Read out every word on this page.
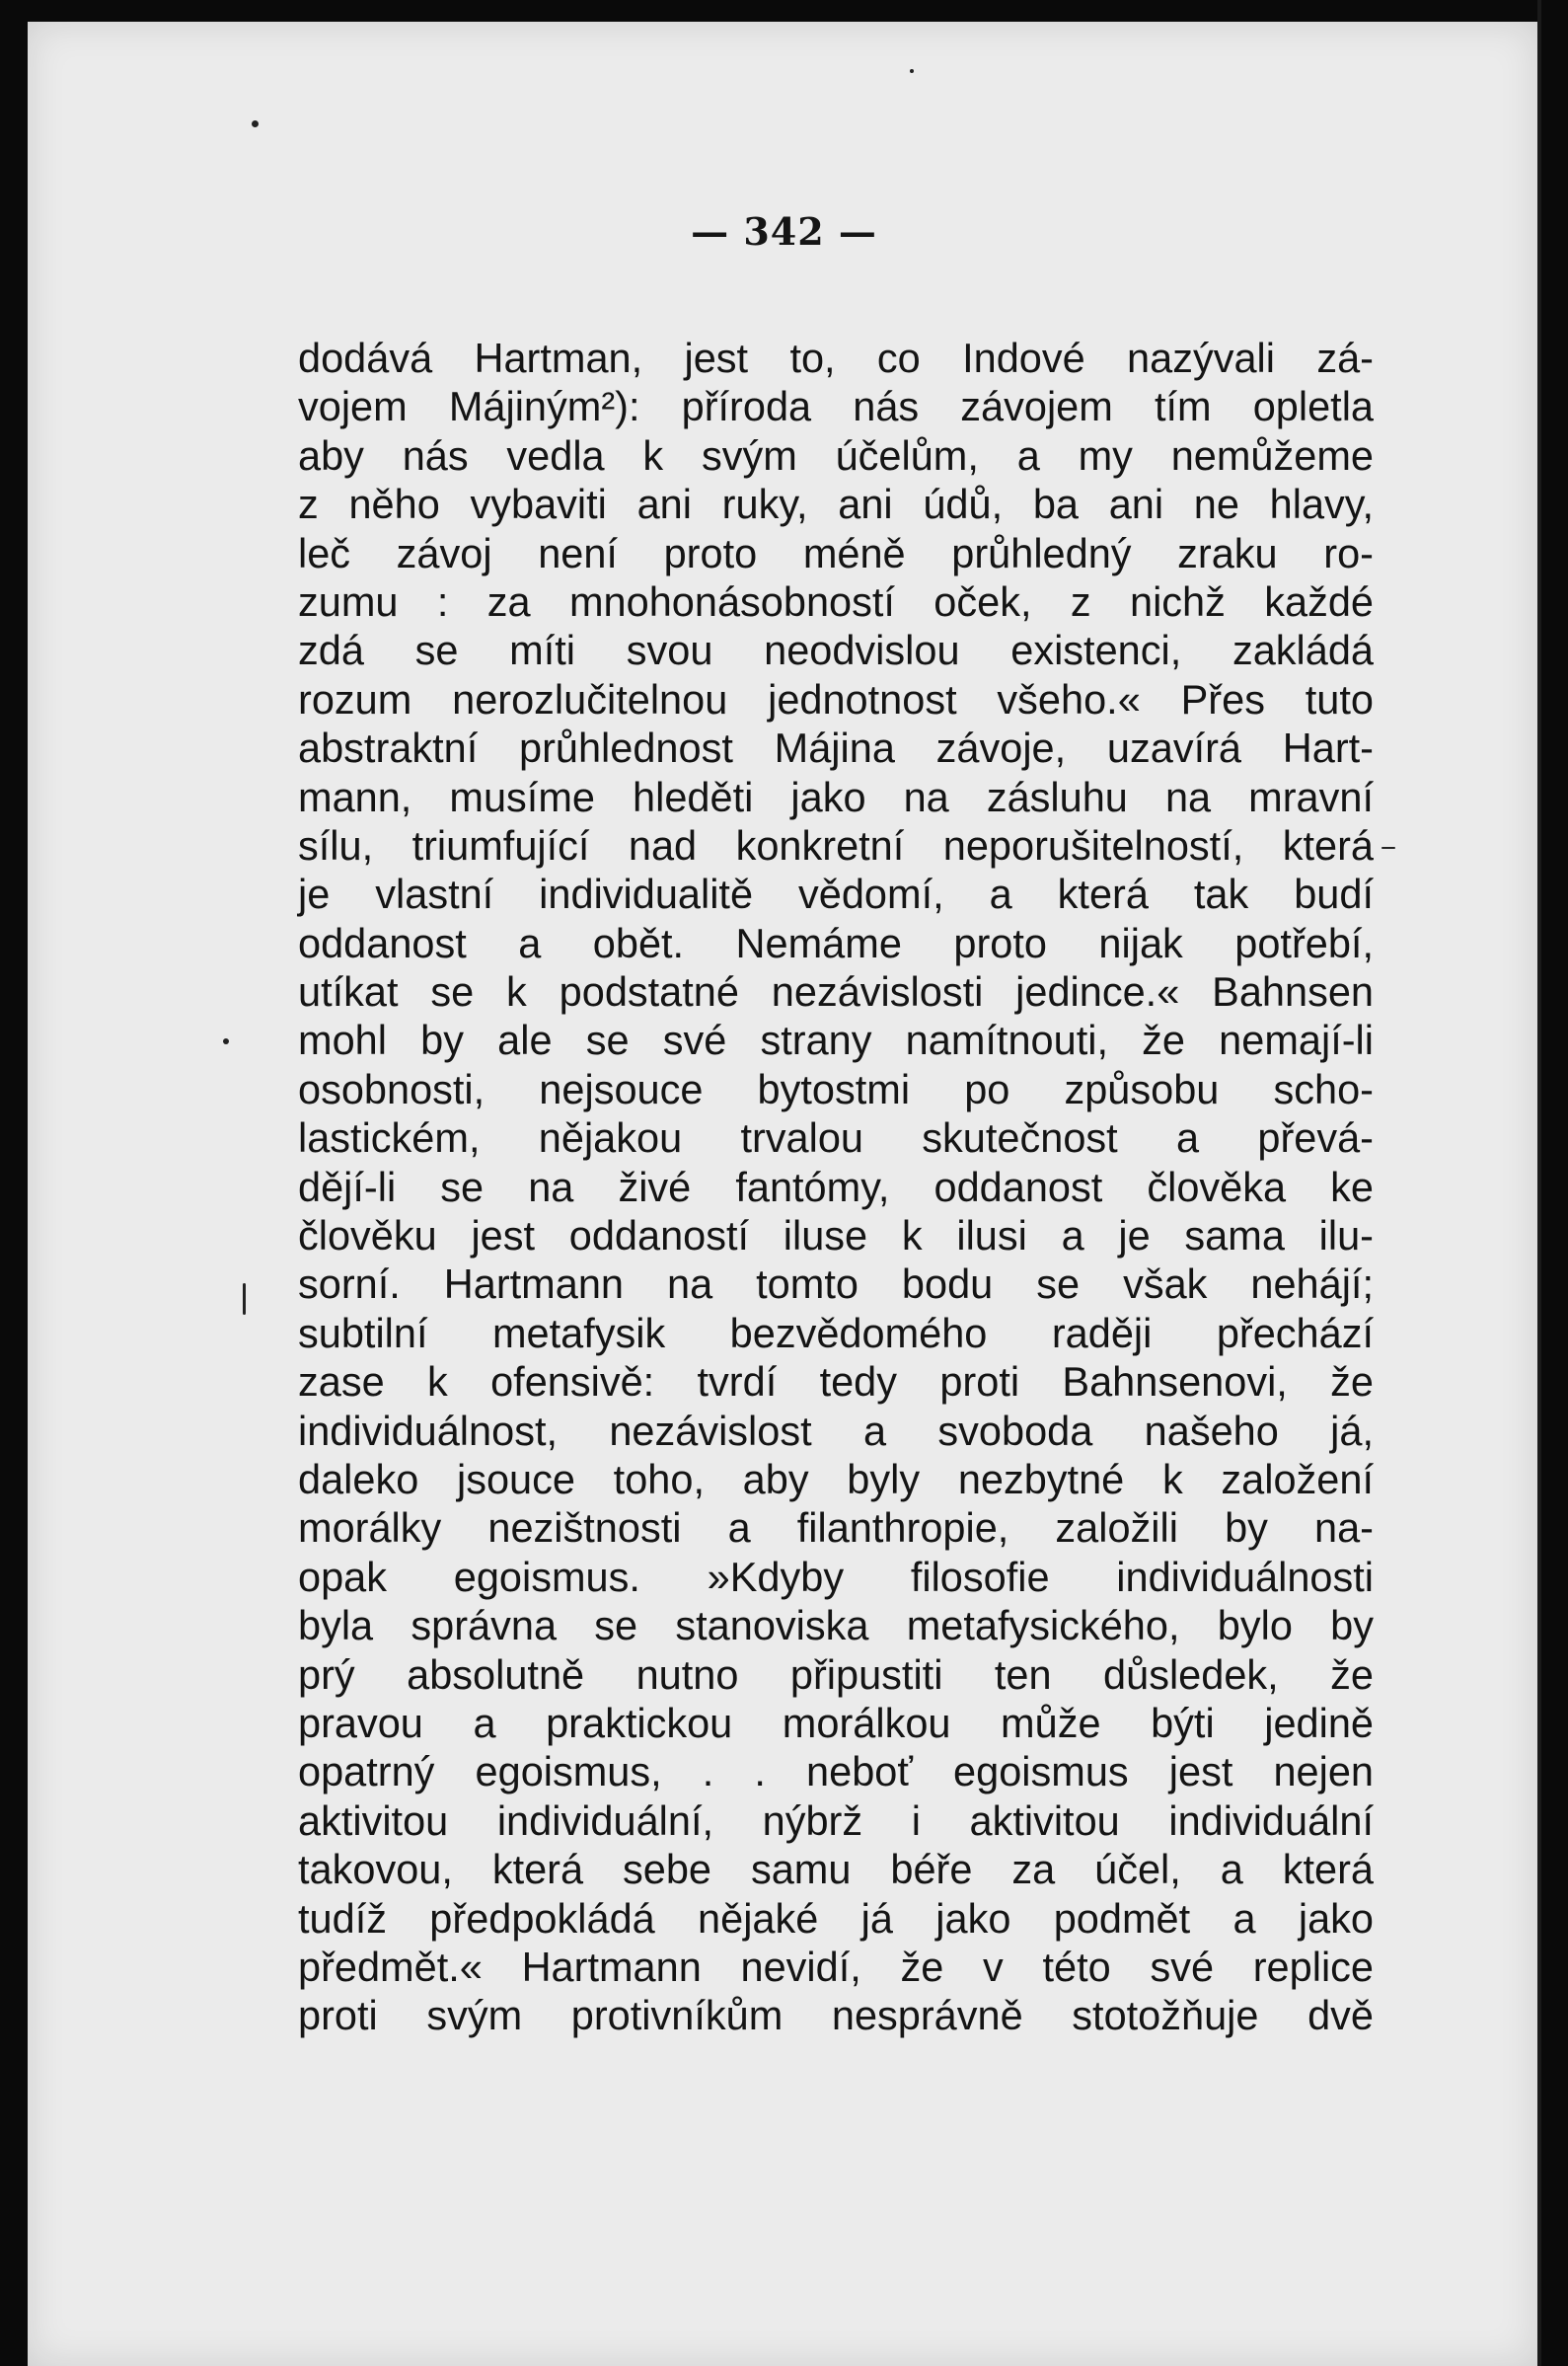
— 342 —
dodává Hartman, jest to, co Indové nazývali zá-
vojem Májiným²): příroda nás závojem tím opletla
aby nás vedla k svým účelům, a my nemůžeme
z něho vybaviti ani ruky, ani údů, ba ani ne hlavy,
leč závoj není proto méně průhledný zraku ro-
zumu : za mnohonásobností oček, z nichž každé
zdá se míti svou neodvislou existenci, zakládá
rozum nerozlučitelnou jednotnost všeho.« Přes tuto
abstraktní průhlednost Májina závoje, uzavírá Hart-
mann, musíme hleděti jako na zásluhu na mravní
sílu, triumfující nad konkretní neporušitelností, která
je vlastní individualitě vědomí, a která tak budí
oddanost a obět. Nemáme proto nijak potřebí,
utíkat se k podstatné nezávislosti jedince.« Bahnsen
mohl by ale se své strany namítnouti, že nemají-li
osobnosti, nejsouce bytostmi po způsobu scho-
lastickém, nějakou trvalou skutečnost a převá-
dějí-li se na živé fantómy, oddanost člověka ke
člověku jest oddaností iluse k ilusi a je sama ilu-
sorní. Hartmann na tomto bodu se však nehájí;
subtilní metafysik bezvědomého raději přechází
zase k ofensivě: tvrdí tedy proti Bahnsenovi, že
individuálnost, nezávislost a svoboda našeho já,
daleko jsouce toho, aby byly nezbytné k založení
morálky nezištnosti a filanthropie, založili by na-
opak egoismus. »Kdyby filosofie individuálnosti
byla správna se stanoviska metafysického, bylo by
prý absolutně nutno připustiti ten důsledek, že
pravou a praktickou morálkou může býti jedině
opatrný egoismus, . . neboť egoismus jest nejen
aktivitou individuální, nýbrž i aktivitou individuální
takovou, která sebe samu béře za účel, a která
tudíž předpokládá nějaké já jako podmět a jako
předmět.« Hartmann nevidí, že v této své replice
proti svým protivníkům nesprávně stotožňuje dvě
